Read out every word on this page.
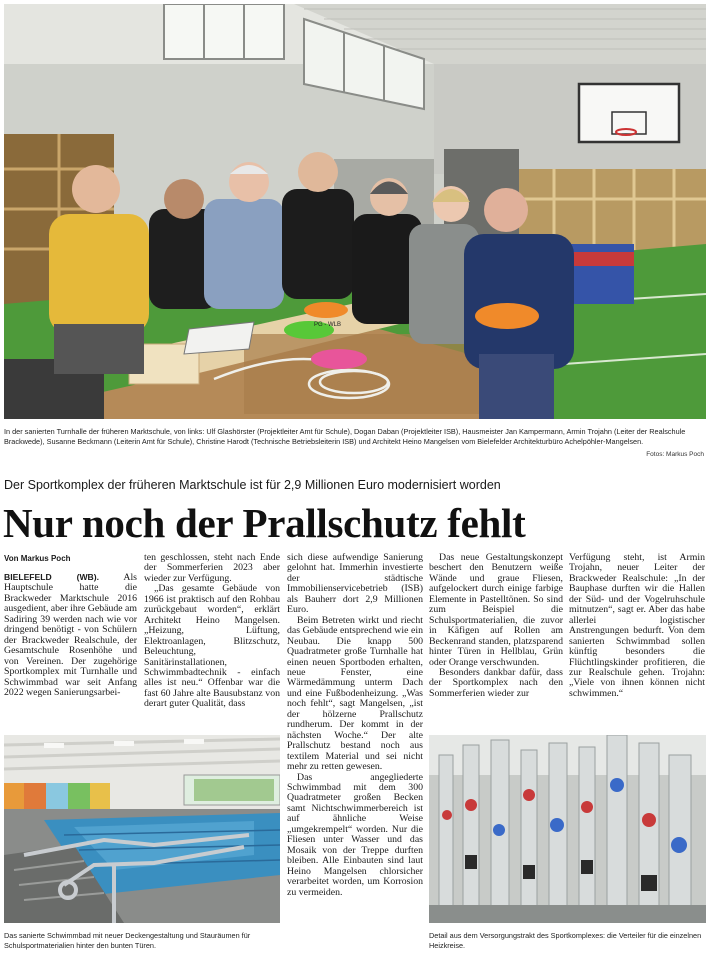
PG - WLB
In der sanierten Turnhalle der früheren Marktschule, von links: Ulf Glashörster (Projektleiter Amt für Schule), Dogan Daban (Projektleiter ISB), Hausmeister Jan Kampermann, Armin Trojahn (Leiter der Realschule Brackwede), Susanne Beckmann (Leiterin Amt für Schule), Christine Harodt (Technische Betriebsleiterin ISB) und Architekt Heino Mangelsen vom Bielefelder Architekturbüro Achelpöhler-Mangelsen.
Fotos: Markus Poch
Der Sportkomplex der früheren Marktschule ist für 2,9 Millionen Euro modernisiert worden
Nur noch der Prallschutz fehlt
Von Markus Poch

BIELEFELD (WB). Als Hauptschule hatte die Brackweder Marktschule 2016 ausgedient, aber ihre Gebäude am Sadiring 39 werden nach wie vor dringend benötigt - von Schülern der Brackweder Realschule, der Gesamtschule Rosenhöhe und von Vereinen. Der zugehörige Sportkomplex mit Turnhalle und Schwimmbad war seit Anfang 2022 wegen Sanierungsarbei-

ten geschlossen, steht nach Ende der Sommerferien 2023 aber wieder zur Verfügung.

„Das gesamte Gebäude von 1966 ist praktisch auf den Rohbau zurückgebaut worden“, erklärt Architekt Heino Mangelsen. „Heizung, Lüftung, Elektroanlagen, Blitzschutz, Beleuchtung, Sanitärinstallationen, Schwimmbadtechnik - einfach alles ist neu.“ Offenbar war die fast 60 Jahre alte Bausubstanz von derart guter Qualität, dass

sich diese aufwendige Sanierung gelohnt hat. Immerhin investierte der städtische Immobilienservicebetrieb (ISB) als Bauherr dort 2,9 Millionen Euro.

Beim Betreten wirkt und riecht das Gebäude entsprechend wie ein Neubau. Die knapp 500 Quadratmeter große Turnhalle hat einen neuen Sportboden erhalten, neue Fenster, eine Wärmedämmung unterm Dach und eine Fußbodenheizung. „Was noch fehlt“, sagt Mangelsen, „ist der hölzerne Prallschutz rundherum. Der kommt in der nächsten Woche.“ Der alte Prallschutz bestand noch aus textilem Material und sei nicht mehr zu retten gewesen.

Das angegliederte Schwimmbad mit dem 300 Quadratmeter großen Becken samt Nichtschwimmerbereich ist auf ähnliche Weise „umgekrempelt“ worden. Nur die Fliesen unter Wasser und das Mosaik von der Treppe durften bleiben. Alle Einbauten sind laut Heino Mangelsen chlorsicher verarbeitet worden, um Korrosion zu vermeiden.

Das neue Gestaltungskonzept beschert den Benutzern weiße Wände und graue Fliesen, aufgelockert durch einige farbige Elemente in Pastelltönen. So sind zum Beispiel die Schulsportmaterialien, die zuvor in Käfigen auf Rollen am Beckenrand standen, platzsparend hinter Türen in Hellblau, Grün oder Orange verschwunden.

Besonders dankbar dafür, dass der Sportkomplex nach den Sommerferien wieder zur

Verfügung steht, ist Armin Trojahn, neuer Leiter der Brackweder Realschule: „In der Bauphase durften wir die Hallen der Süd- und der Vogelruhschule mitnutzen“, sagt er. Aber das habe allerlei logistischer Anstrengungen bedurft. Von dem sanierten Schwimmbad sollen künftig besonders die Flüchtlingskinder profitieren, die zur Realschule gehen. Trojahn: „Viele von ihnen können nicht schwimmen.“

Das sanierte Schwimmbad mit neuer Deckengestaltung und Stauräumen für Schulsportmaterialien hinter den bunten Türen.
Detail aus dem Versorgungstrakt des Sportkomplexes: die Verteiler für die einzelnen Heizkreise.
